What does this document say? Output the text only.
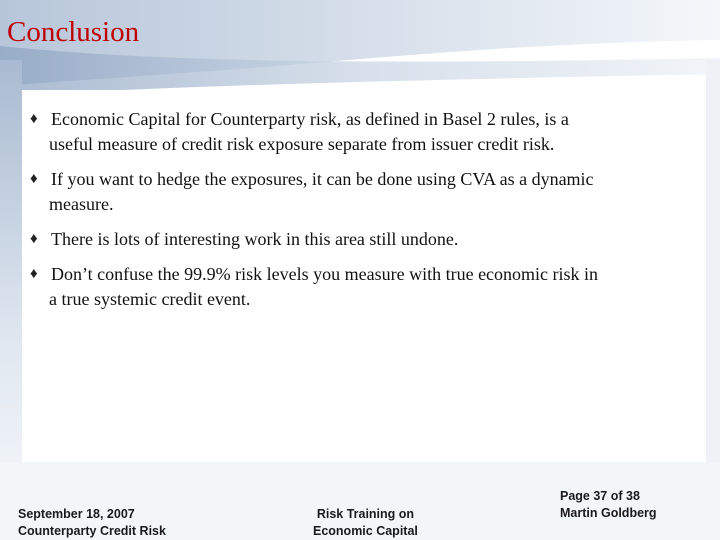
Conclusion
♦ Economic Capital for Counterparty risk, as defined in Basel 2 rules, is a
useful measure of credit risk exposure separate from issuer credit risk.
♦ If you want to hedge the exposures, it can be done using CVA as a dynamic
measure.
♦ There is lots of interesting work in this area still undone.
♦ Don’t confuse the 99.9% risk levels you measure with true economic risk in
a true systemic credit event.
September 18, 2007
Counterparty Credit Risk
Risk Training on
Economic Capital
Page 37 of 38
Martin Goldberg
